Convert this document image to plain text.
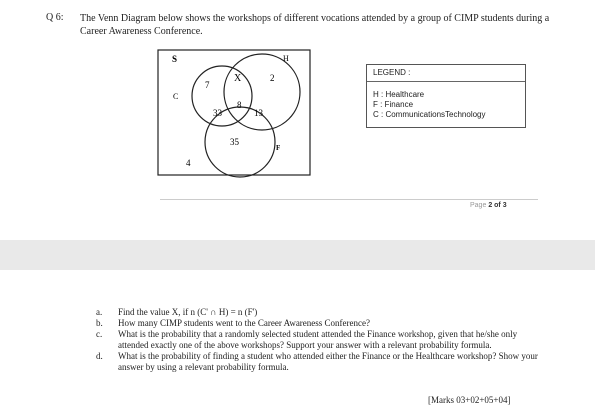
Q 6: The Venn Diagram below shows the workshops of different vocations attended by a group of CIMP students during a Career Awareness Conference.
S	H
C
F
7
X	2
8
33	13
35
4
LEGEND :
H : Healthcare
F : Finance
C : CommunicationsTechnology
Page 2 of 3
a. Find the value X, if n (C' ∩ H) = n (F')
b. How many CIMP students went to the Career Awareness Conference?
c. What is the probability that a randomly selected student attended the Finance workshop, given that he/she only attended exactly one of the above workshops? Support your answer with a relevant probability formula.
d. What is the probability of finding a student who attended either the Finance or the Healthcare workshop? Show your answer by using a relevant probability formula.
[Marks 03+02+05+04]
